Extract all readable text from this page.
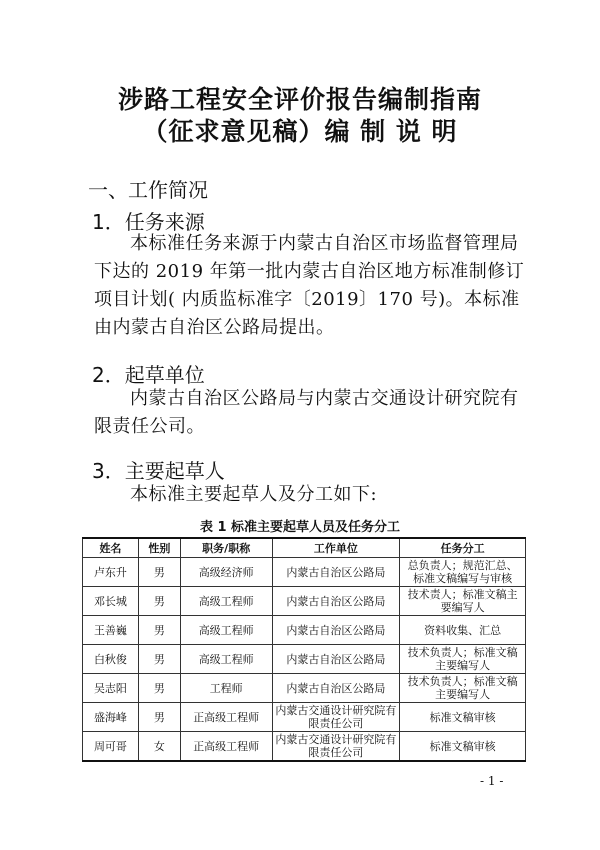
涉路工程安全评价报告编制指南
（征求意见稿）编 制 说 明
一、工作简况
1．任务来源
本标准任务来源于内蒙古自治区市场监督管理局下达的 2019 年第一批内蒙古自治区地方标准制修订项目计划( 内质监标准字〔2019〕170 号)。本标准由内蒙古自治区公路局提出。
2．起草单位
内蒙古自治区公路局与内蒙古交通设计研究院有限责任公司。
3．主要起草人
本标准主要起草人及分工如下:
表 1 标准主要起草人员及任务分工
姓名	性别	职务/职称	工作单位	任务分工
卢东升	男	高级经济师	内蒙古自治区公路局	总负责人；规范汇总、标准文稿编写与审核
邓长城	男	高级工程师	内蒙古自治区公路局	技术责人；标准文稿主要编写人
王善巍	男	高级工程师	内蒙古自治区公路局	资料收集、汇总
白秋俊	男	高级工程师	内蒙古自治区公路局	技术负责人；标准文稿主要编写人
吴志阳	男	工程师	内蒙古自治区公路局	技术负责人；标准文稿主要编写人
盛海峰	男	正高级工程师	内蒙古交通设计研究院有限责任公司	标准文稿审核
周可哥	女	正高级工程师	内蒙古交通设计研究院有限责任公司	标准文稿审核
- 1 -
